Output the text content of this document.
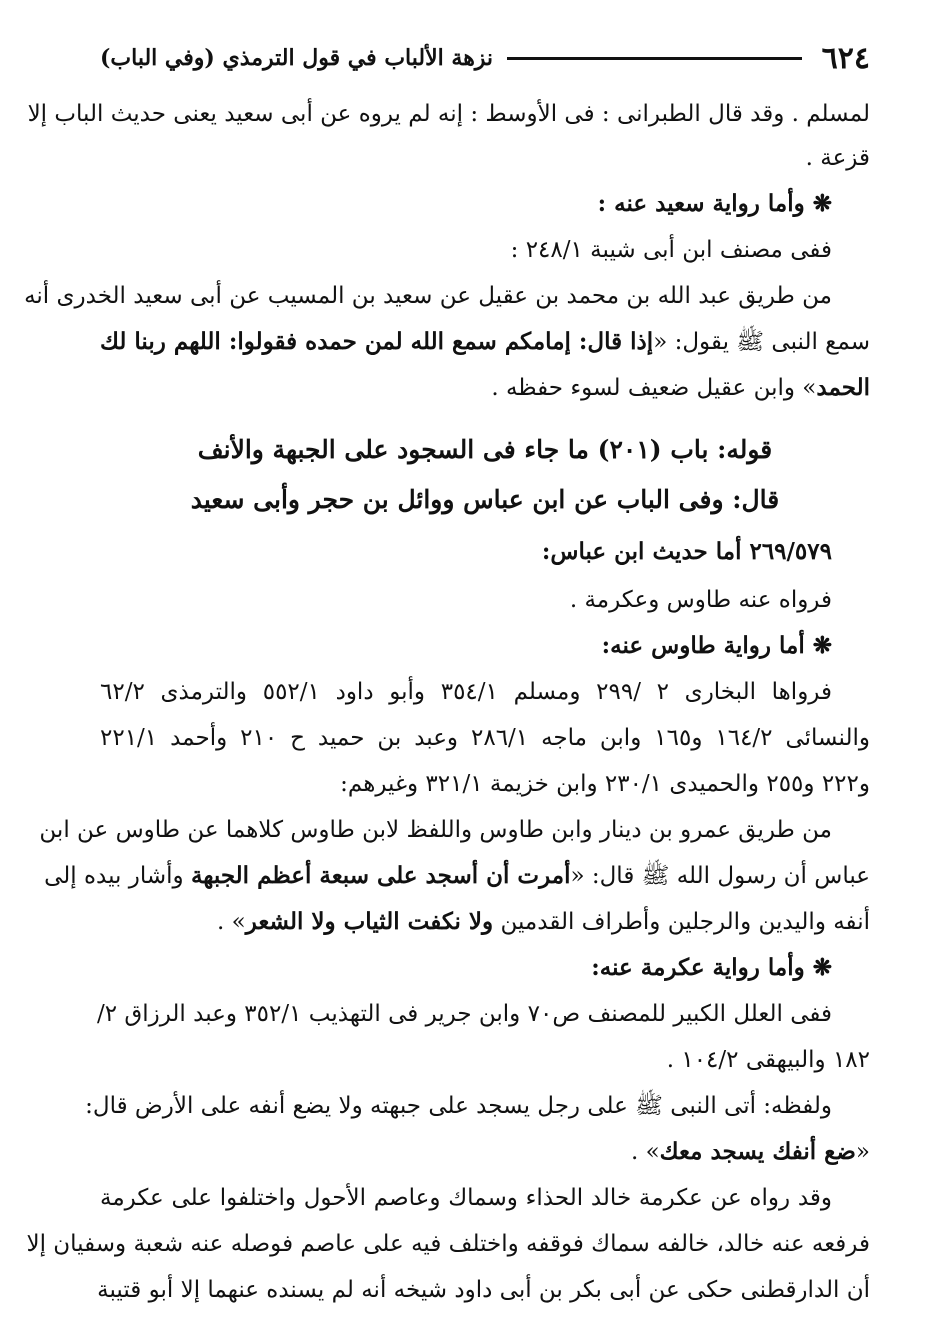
٦٢٤
نزهة الألباب في قول الترمذي (وفي الباب)
لمسلم . وقد قال الطبرانى : فى الأوسط : إنه لم يروه عن أبى سعيد يعنى حديث الباب إلا
قزعة .
❋ وأما رواية سعيد عنه :
ففى مصنف ابن أبى شيبة ٢٤٨/١ :
من طريق عبد الله بن محمد بن عقيل عن سعيد بن المسيب عن أبى سعيد الخدرى أنه
سمع النبى ﷺ يقول: «إذا قال: إمامكم سمع الله لمن حمده فقولوا: اللهم ربنا لك
الحمد» وابن عقيل ضعيف لسوء حفظه .
قوله: باب (٢٠١) ما جاء فى السجود على الجبهة والأنف
قال: وفى الباب عن ابن عباس ووائل بن حجر وأبى سعيد
٢٦٩/٥٧٩ أما حديث ابن عباس:
فرواه عنه طاوس وعكرمة .
❋ أما رواية طاوس عنه:
فرواها البخارى ٢ /٢٩٩ ومسلم ٣٥٤/١ وأبو داود ٥٥٢/١ والترمذى ٦٢/٢
والنسائى ١٦٤/٢ و١٦٥ وابن ماجه ٢٨٦/١ وعبد بن حميد ح ٢١٠ وأحمد ٢٢١/١
و٢٢٢ و٢٥٥ والحميدى ٢٣٠/١ وابن خزيمة ٣٢١/١ وغيرهم:
من طريق عمرو بن دينار وابن طاوس واللفظ لابن طاوس كلاهما عن طاوس عن ابن
عباس أن رسول الله ﷺ قال: «أمرت أن أسجد على سبعة أعظم الجبهة وأشار بيده إلى
أنفه واليدين والرجلين وأطراف القدمين ولا نكفت الثياب ولا الشعر» .
❋ وأما رواية عكرمة عنه:
ففى العلل الكبير للمصنف ص٧٠ وابن جرير فى التهذيب ٣٥٢/١ وعبد الرزاق ٢/
١٨٢ والبيهقى ١٠٤/٢ .
ولفظه: أتى النبى ﷺ على رجل يسجد على جبهته ولا يضع أنفه على الأرض قال:
«ضع أنفك يسجد معك» .
وقد رواه عن عكرمة خالد الحذاء وسماك وعاصم الأحول واختلفوا على عكرمة
فرفعه عنه خالد، خالفه سماك فوقفه واختلف فيه على عاصم فوصله عنه شعبة وسفيان إلا
أن الدارقطنى حكى عن أبى بكر بن أبى داود شيخه أنه لم يسنده عنهما إلا أبو قتيبة
